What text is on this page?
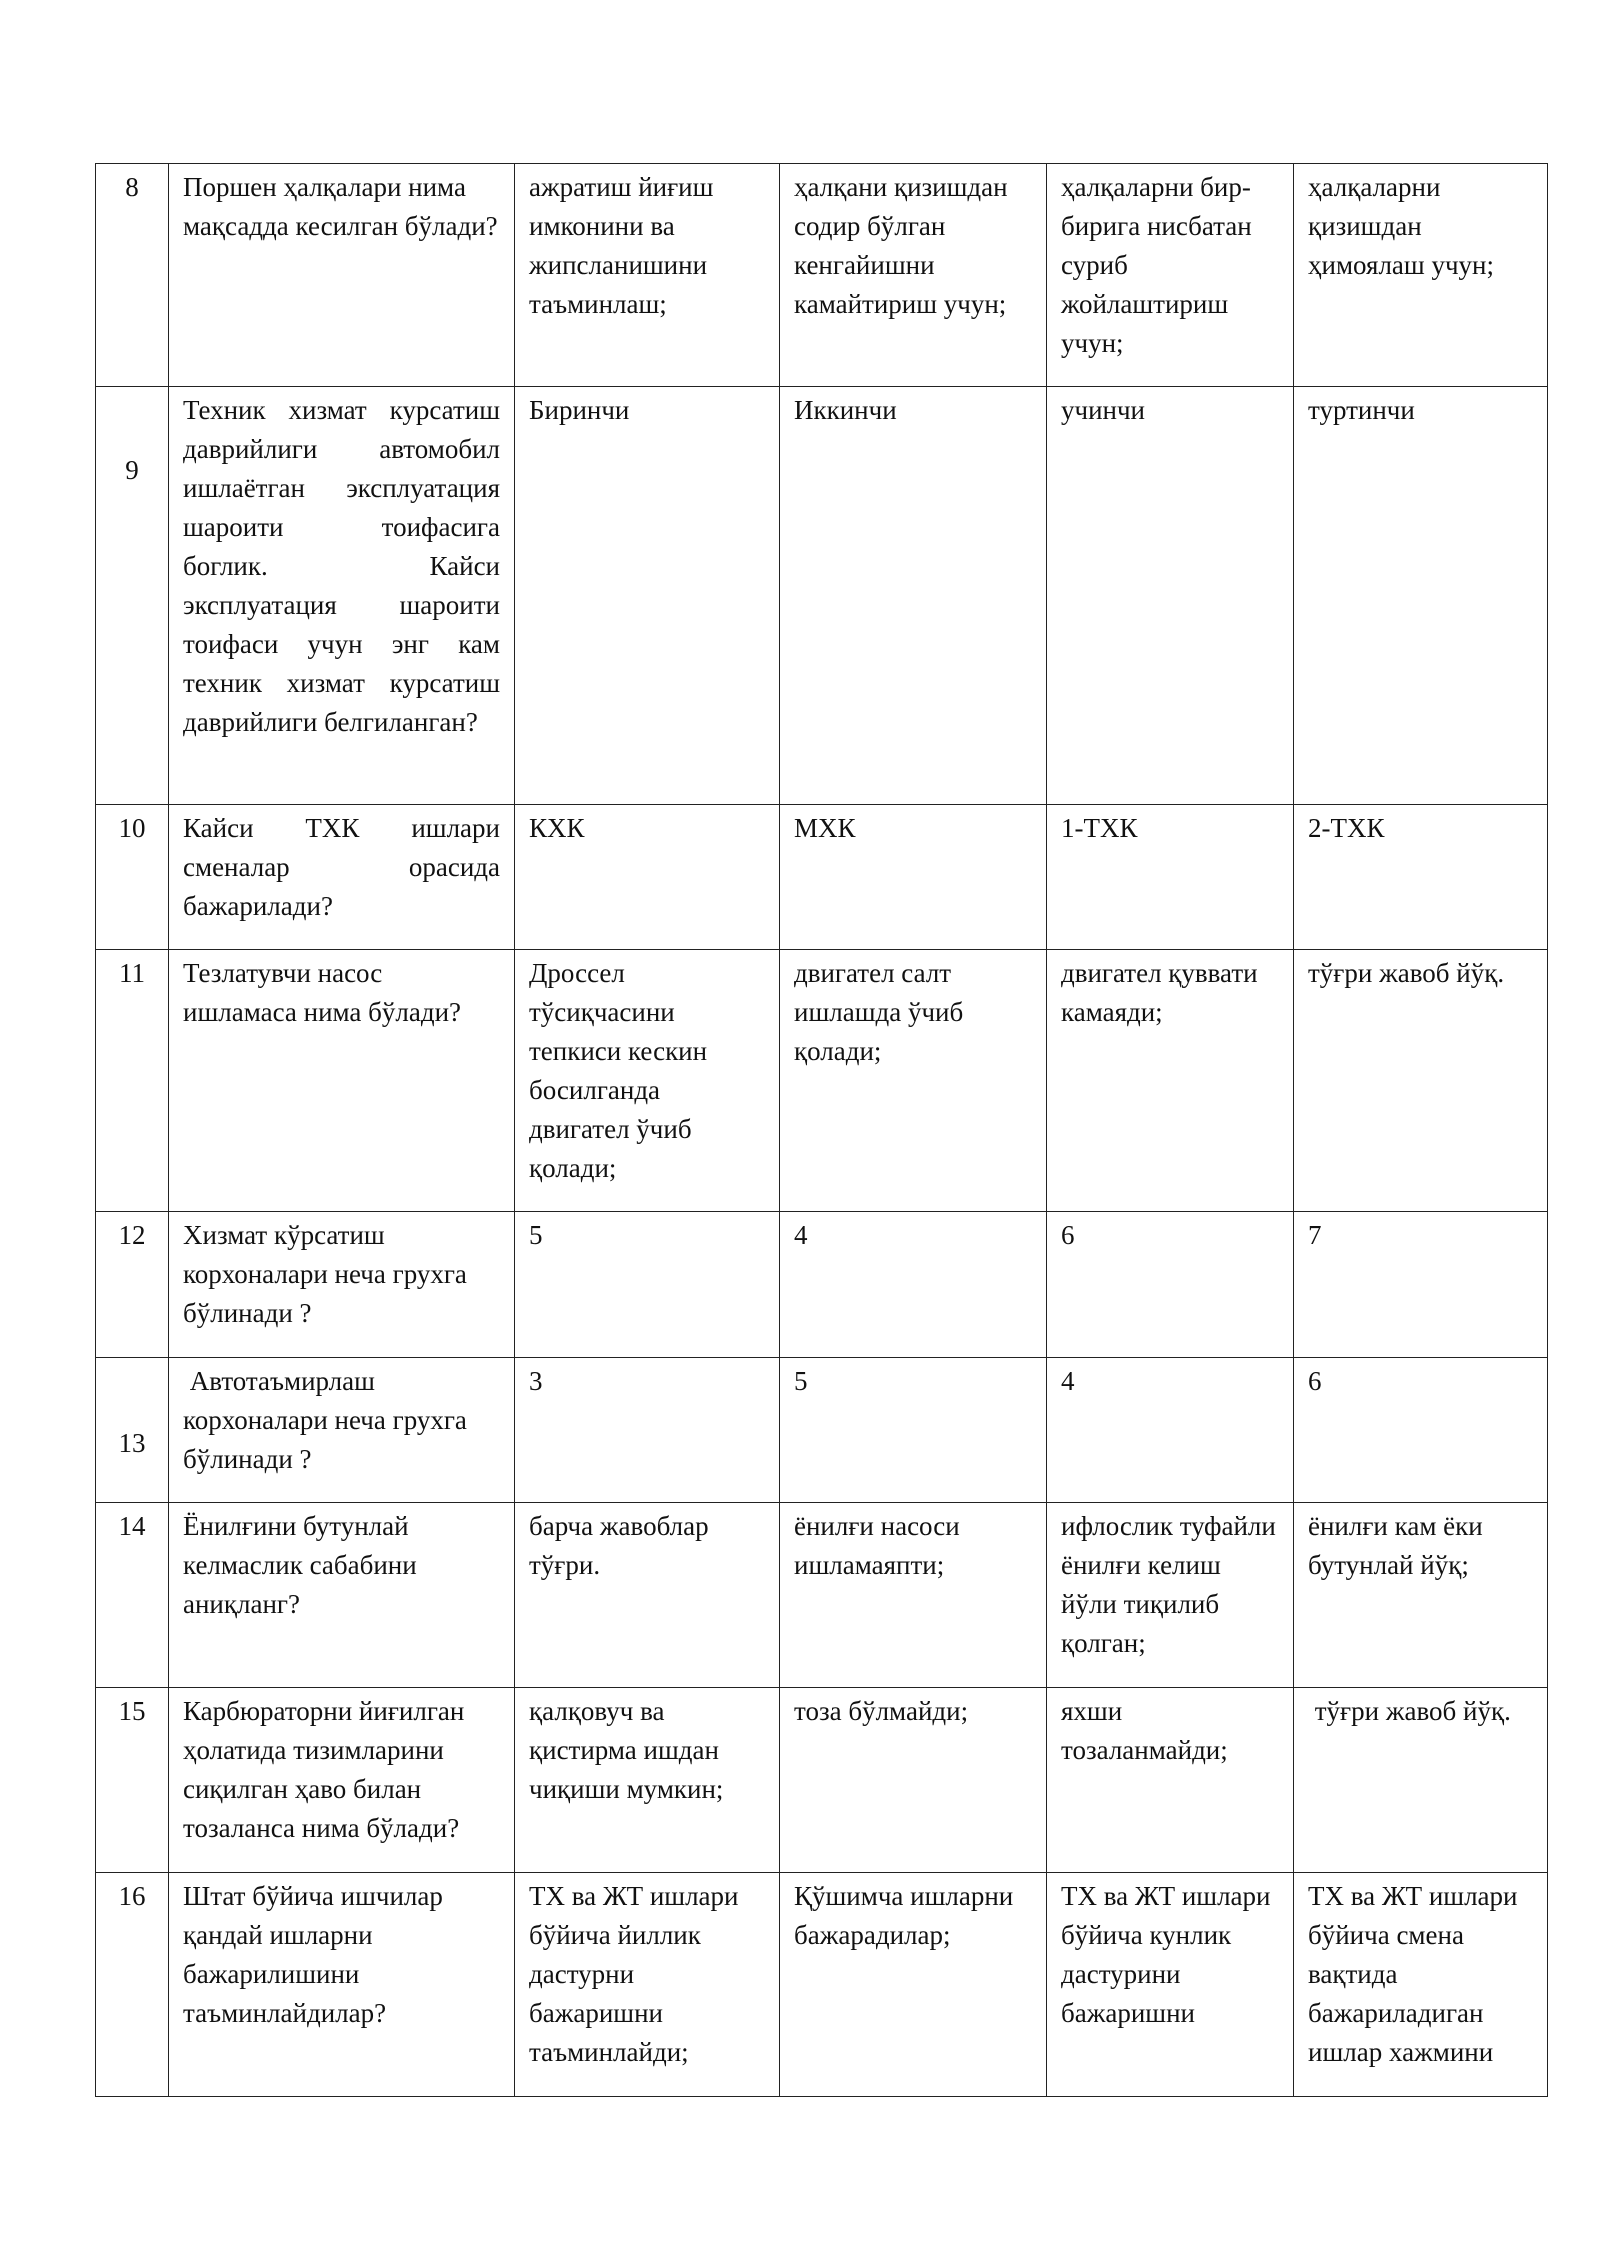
8	Поршен ҳалқалари нима мақсадда кесилган бўлади?	ажратиш йиғиш имконини ва жипсланишини таъминлаш;	ҳалқани қизишдан содир бўлган кенгайишни камайтириш учун;	ҳалқаларни бир-бирига нисбатан суриб жойлаштириш учун;	ҳалқаларни қизишдан ҳимоялаш учун;
9	Техник хизмат курсатиш даврийлиги автомобил ишлаётган эксплуатация шароити тоифасига боглик. Кайси эксплуатация шароити тоифаси учун энг кам техник хизмат курсатиш даврийлиги белгиланган?	Биринчи	Иккинчи	учинчи	туртинчи
10	Кайси ТХК ишлари сменалар орасида бажарилади?	КХК	МХК	1-ТХК	2-ТХК
11	Тезлатувчи насос ишламаса нима бўлади?	Дроссел тўсиқчасини тепкиси кескин босилганда двигател ўчиб қолади;	двигател салт ишлашда ўчиб қолади;	двигател қуввати камаяди;	тўғри жавоб йўқ.
12	Хизмат кўрсатиш корхоналари неча грухга бўлинади ?	5	4	6	7
13	Автотаъмирлаш корхоналари неча грухга бўлинади ?	3	5	4	6
14	Ёнилғини бутунлай келмаслик сабабини аниқланг?	барча жавоблар тўғри.	ёнилғи насоси ишламаяпти;	ифлослик туфайли ёнилғи келиш йўли тиқилиб қолган;	ёнилғи кам ёки бутунлай йўқ;
15	Карбюраторни йиғилган ҳолатида тизимларини сиқилган ҳаво билан тозаланса нима бўлади?	қалқовуч ва қистирма ишдан чиқиши мумкин;	тоза бўлмайди;	яхши тозаланмайди;	тўғри жавоб йўқ.
16	Штат бўйича ишчилар қандай ишларни бажарилишини таъминлайдилар?	ТХ ва ЖТ ишлари бўйича йиллик дастурни бажаришни таъминлайди;	Қўшимча ишларни бажарадилар;	ТХ ва ЖТ ишлари бўйича кунлик дастурини бажаришни	ТХ ва ЖТ ишлари бўйича смена вақтида бажариладиган ишлар хажмини
